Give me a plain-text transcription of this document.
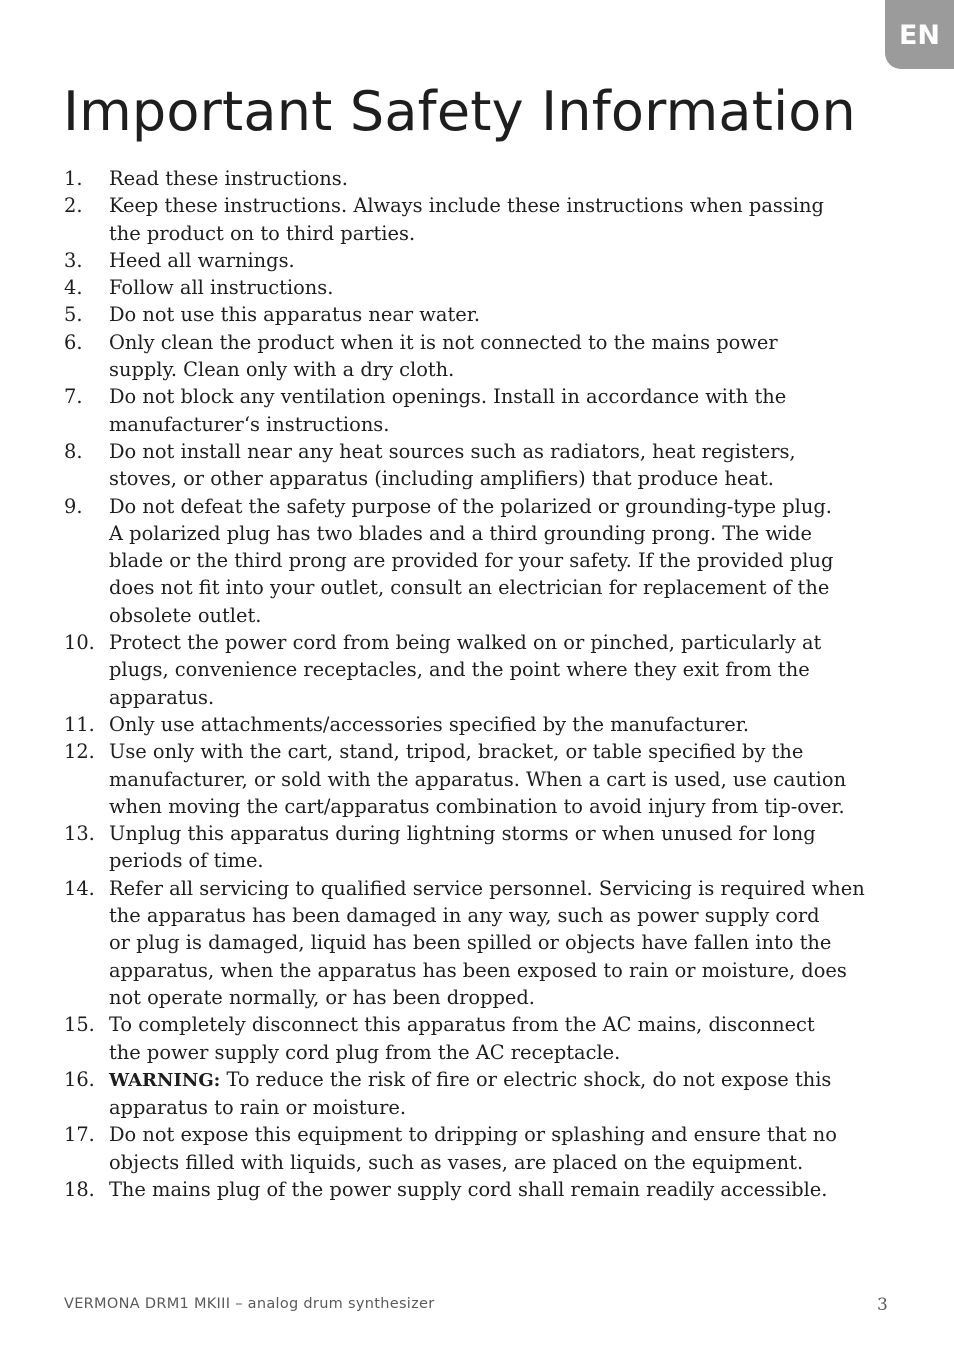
EN
Important Safety Information
1.	Read these instructions.
2.	Keep these instructions. Always include these instructions when passing
the product on to third parties.
3.	Heed all warnings.
4.	Follow all instructions.
5.	Do not use this apparatus near water.
6.	Only clean the product when it is not connected to the mains power
supply. Clean only with a dry cloth.
7.	Do not block any ventilation openings. Install in accordance with the
manufacturer‘s instructions.
8.	Do not install near any heat sources such as radiators, heat registers,
stoves, or other apparatus (including amplifiers) that produce heat.
9.	Do not defeat the safety purpose of the polarized or grounding-type plug.
A polarized plug has two blades and a third grounding prong. The wide
blade or the third prong are provided for your safety. If the provided plug
does not fit into your outlet, consult an electrician for replacement of the
obsolete outlet.
10. Protect the power cord from being walked on or pinched, particularly at
plugs, convenience receptacles, and the point where they exit from the
apparatus.
11. Only use attachments/accessories specified by the manufacturer.
12. Use only with the cart, stand, tripod, bracket, or table specified by the
manufacturer, or sold with the apparatus. When a cart is used, use caution
when moving the cart/apparatus combination to avoid injury from tip-over.
13. Unplug this apparatus during lightning storms or when unused for long
periods of time.
14. Refer all servicing to qualified service personnel. Servicing is required when
the apparatus has been damaged in any way, such as power supply cord
or plug is damaged, liquid has been spilled or objects have fallen into the
apparatus, when the apparatus has been exposed to rain or moisture, does
not operate normally, or has been dropped.
15. To completely disconnect this apparatus from the AC mains, disconnect
the power supply cord plug from the AC receptacle.
16. WARNING: To reduce the risk of fire or electric shock, do not expose this
apparatus to rain or moisture.
17. Do not expose this equipment to dripping or splashing and ensure that no
objects filled with liquids, such as vases, are placed on the equipment.
18. The mains plug of the power supply cord shall remain readily accessible.
VERMONA DRM1 MKIII – analog drum synthesizer	3
